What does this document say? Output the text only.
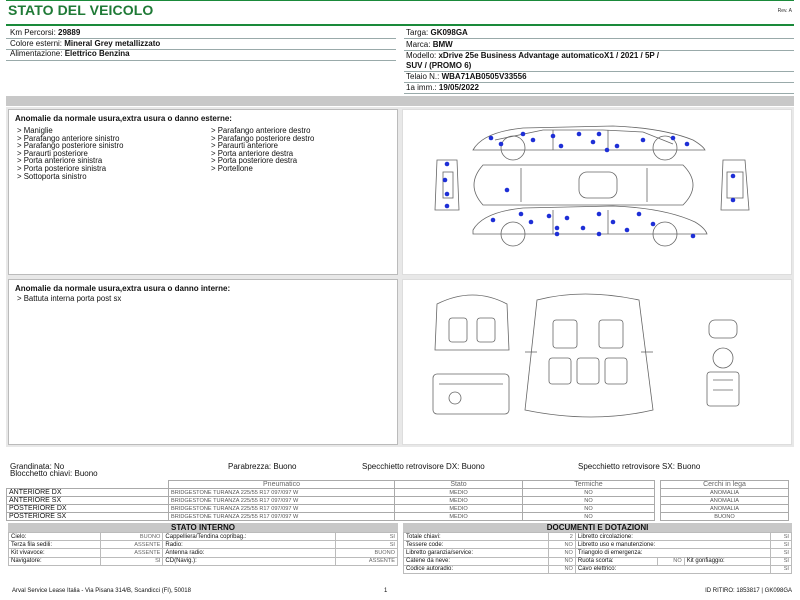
STATO DEL VEICOLO	Rev. A
Km Percorsi: 29889
Colore esterni: Mineral Grey metallizzato
Alimentazione: Elettrico Benzina
Targa: GK098GA
Marca: BMW
Modello: xDrive 25e Business Advantage automaticoX1 / 2021 / 5P /
SUV / (PROMO 6)
Telaio N.: WBA71AB0505V33556
1a imm.: 19/05/2022
Anomalie da normale usura,extra usura o danno esterne:
> Maniglie
> Parafango anteriore sinistro
> Parafango posteriore sinistro
> Paraurti posteriore
> Porta anteriore sinistra
> Porta posteriore sinistra
> Sottoporta sinistro
> Parafango anteriore destro
> Parafango posteriore destro
> Paraurti anteriore
> Porta anteriore destra
> Porta posteriore destra
> Portellone
Anomalie da normale usura,extra usura o danno interne:
> Battuta interna porta post sx
Grandinata: No	Parabrezza: Buono	Specchietto retrovisore DX: Buono	Specchietto retrovisore SX: Buono
Blocchetto chiavi: Buono
	Pneumatico	Stato	Termiche		Cerchi in lega
ANTERIORE DX	BRIDGESTONE TURANZA 225/55 R17 097/097 W	MEDIO	NO		ANOMALIA
ANTERIORE SX	BRIDGESTONE TURANZA 225/55 R17 097/097 W	MEDIO	NO		ANOMALIA
POSTERIORE DX	BRIDGESTONE TURANZA 225/55 R17 097/097 W	MEDIO	NO		ANOMALIA
POSTERIORE SX	BRIDGESTONE TURANZA 225/55 R17 097/097 W	MEDIO	NO		BUONO
STATO INTERNO
Cielo:	BUONO	Cappelliera/Tendina copribag.:	SI
Terza fila sedili:	ASSENTE	Radio:	SI
Kit vivavoce:	ASSENTE	Antenna radio:	BUONO
Navigatore:	SI	CD(Navig.):	ASSENTE
DOCUMENTI E DOTAZIONI
Totale chiavi:	2	Libretto circolazione:			SI
Tessere code:	NO	Libretto uso e manutenzione:			SI
Libretto garanzia/service:	NO	Triangolo di emergenza:			SI
Catene da neve:	NO	Ruota scorta:	NO	Kit gonfiaggio:	SI
Codice autoradio:	NO	Cavo elettrico:			SI
Arval Service Lease Italia - Via Pisana 314/B, Scandicci (FI), 50018	1	ID RITIRO: 1853817 | GK098GA
